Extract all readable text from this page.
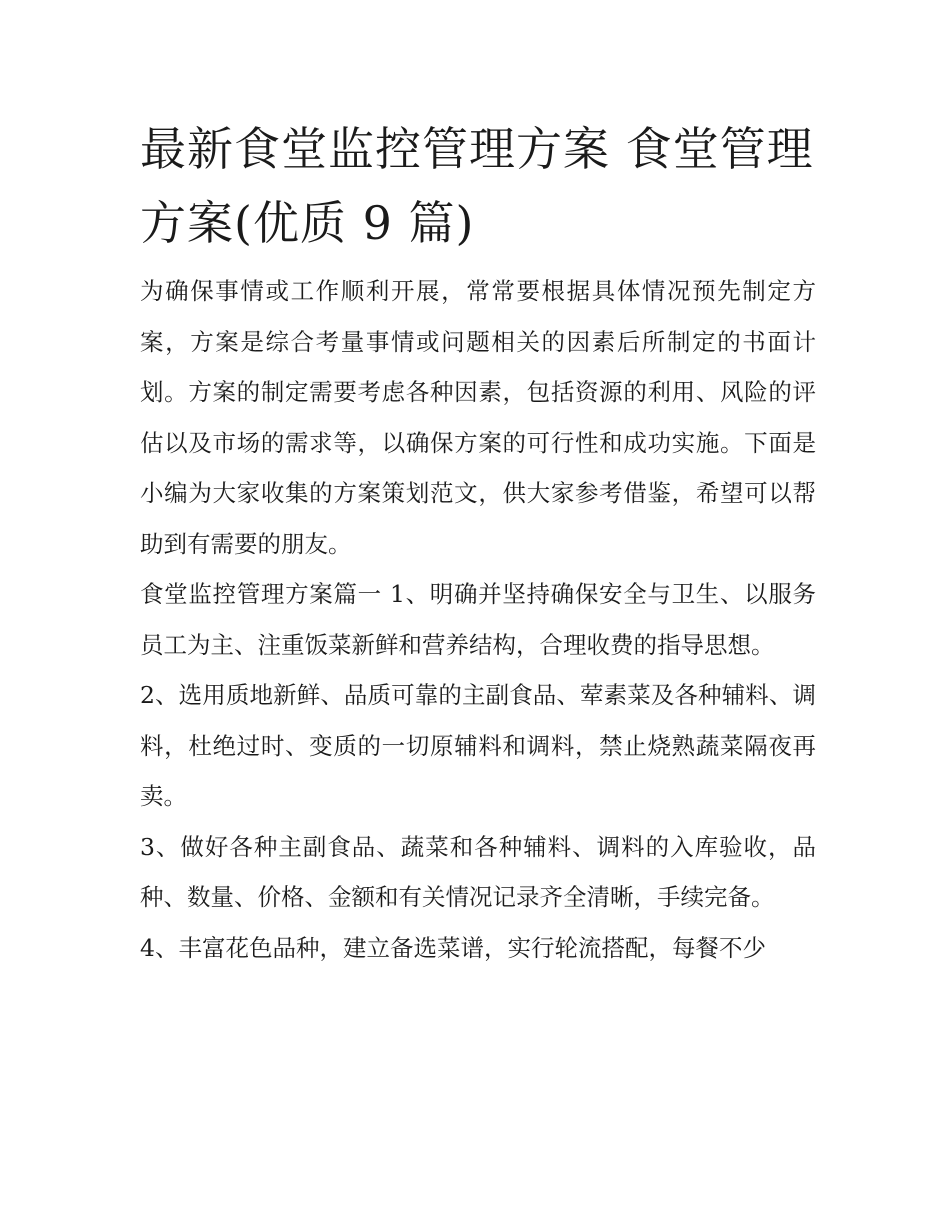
最新食堂监控管理方案 食堂管理方案(优质 9 篇)

为确保事情或工作顺利开展，常常要根据具体情况预先制定方案，方案是综合考量事情或问题相关的因素后所制定的书面计划。方案的制定需要考虑各种因素，包括资源的利用、风险的评估以及市场的需求等，以确保方案的可行性和成功实施。下面是小编为大家收集的方案策划范文，供大家参考借鉴，希望可以帮助到有需要的朋友。

食堂监控管理方案篇一 1、明确并坚持确保安全与卫生、以服务员工为主、注重饭菜新鲜和营养结构，合理收费的指导思想。

2、选用质地新鲜、品质可靠的主副食品、荤素菜及各种辅料、调料，杜绝过时、变质的一切原辅料和调料，禁止烧熟蔬菜隔夜再卖。

3、做好各种主副食品、蔬菜和各种辅料、调料的入库验收，品种、数量、价格、金额和有关情况记录齐全清晰，手续完备。

4、丰富花色品种，建立备选菜谱，实行轮流搭配，每餐不少
